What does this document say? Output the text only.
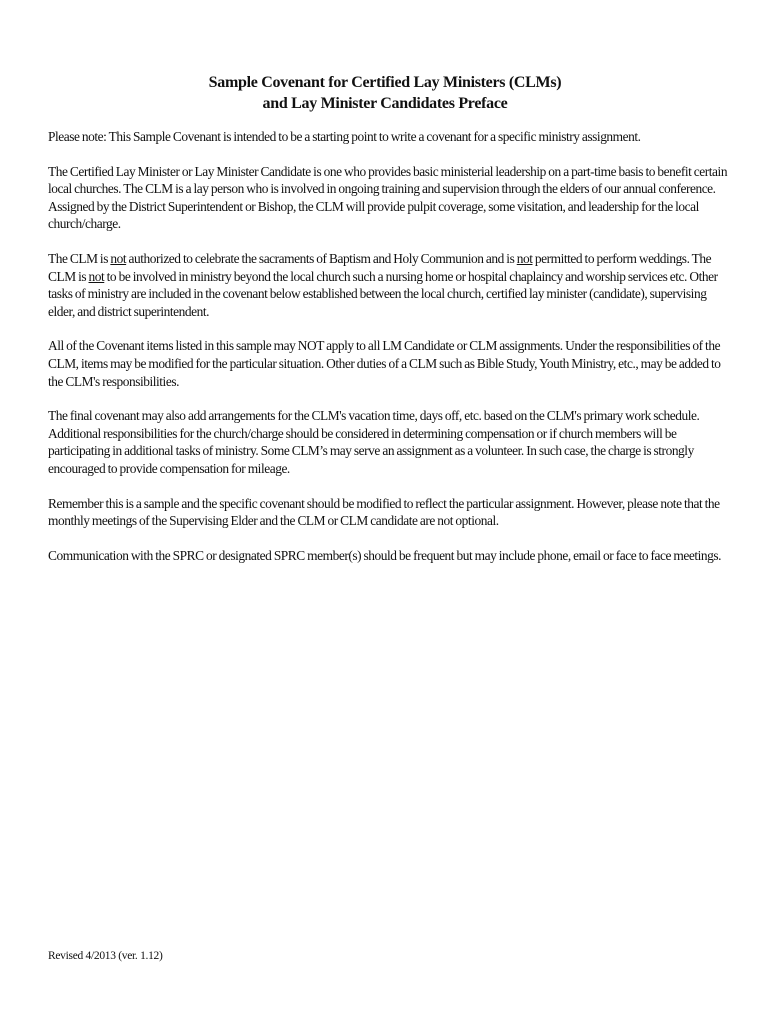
Sample Covenant for Certified Lay Ministers (CLMs)
and Lay Minister Candidates Preface

Please note: This Sample Covenant is intended to be a starting point to write a covenant for a specific ministry assignment.

The Certified Lay Minister or Lay Minister Candidate is one who provides basic ministerial leadership on a part-time basis to benefit certain local churches. The CLM is a lay person who is involved in ongoing training and supervision through the elders of our annual conference. Assigned by the District Superintendent or Bishop, the CLM will provide pulpit coverage, some visitation, and leadership for the local church/charge.

The CLM is not authorized to celebrate the sacraments of Baptism and Holy Communion and is not permitted to perform weddings. The CLM is not to be involved in ministry beyond the local church such a nursing home or hospital chaplaincy and worship services etc. Other tasks of ministry are included in the covenant below established between the local church, certified lay minister (candidate), supervising elder, and district superintendent.

All of the Covenant items listed in this sample may NOT apply to all LM Candidate or CLM assignments. Under the responsibilities of the CLM, items may be modified for the particular situation. Other duties of a CLM such as Bible Study, Youth Ministry, etc., may be added to the CLM's responsibilities.

The final covenant may also add arrangements for the CLM's vacation time, days off, etc. based on the CLM's primary work schedule. Additional responsibilities for the church/charge should be considered in determining compensation or if church members will be participating in additional tasks of ministry. Some CLM’s may serve an assignment as a volunteer. In such case, the charge is strongly encouraged to provide compensation for mileage.

Remember this is a sample and the specific covenant should be modified to reflect the particular assignment. However, please note that the monthly meetings of the Supervising Elder and the CLM or CLM candidate are not optional.

Communication with the SPRC or designated SPRC member(s) should be frequent but may include phone, email or face to face meetings.

Revised 4/2013 (ver. 1.12)
